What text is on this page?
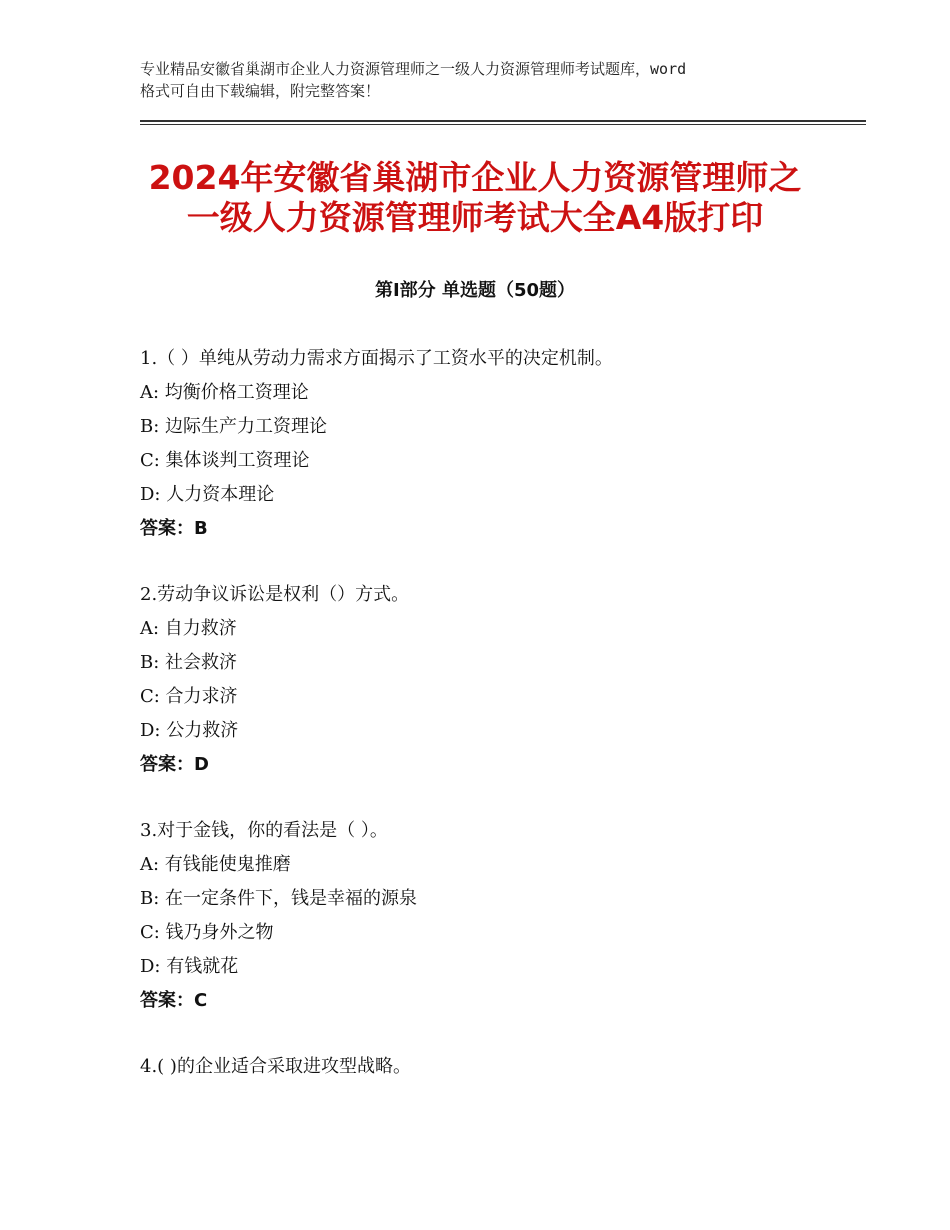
专业精品安徽省巢湖市企业人力资源管理师之一级人力资源管理师考试题库，word
格式可自由下载编辑，附完整答案！
2024年安徽省巢湖市企业人力资源管理师之
一级人力资源管理师考试大全A4版打印
第Ⅰ部分 单选题（50题）
1.（ ）单纯从劳动力需求方面揭示了工资水平的决定机制。
A: 均衡价格工资理论
B: 边际生产力工资理论
C: 集体谈判工资理论
D: 人力资本理论
答案：B
2.劳动争议诉讼是权利（）方式。
A: 自力救济
B: 社会救济
C: 合力求济
D: 公力救济
答案：D
3.对于金钱，你的看法是（ ）。
A: 有钱能使鬼推磨
B: 在一定条件下，钱是幸福的源泉
C: 钱乃身外之物
D: 有钱就花
答案：C
4.( )的企业适合采取进攻型战略。
